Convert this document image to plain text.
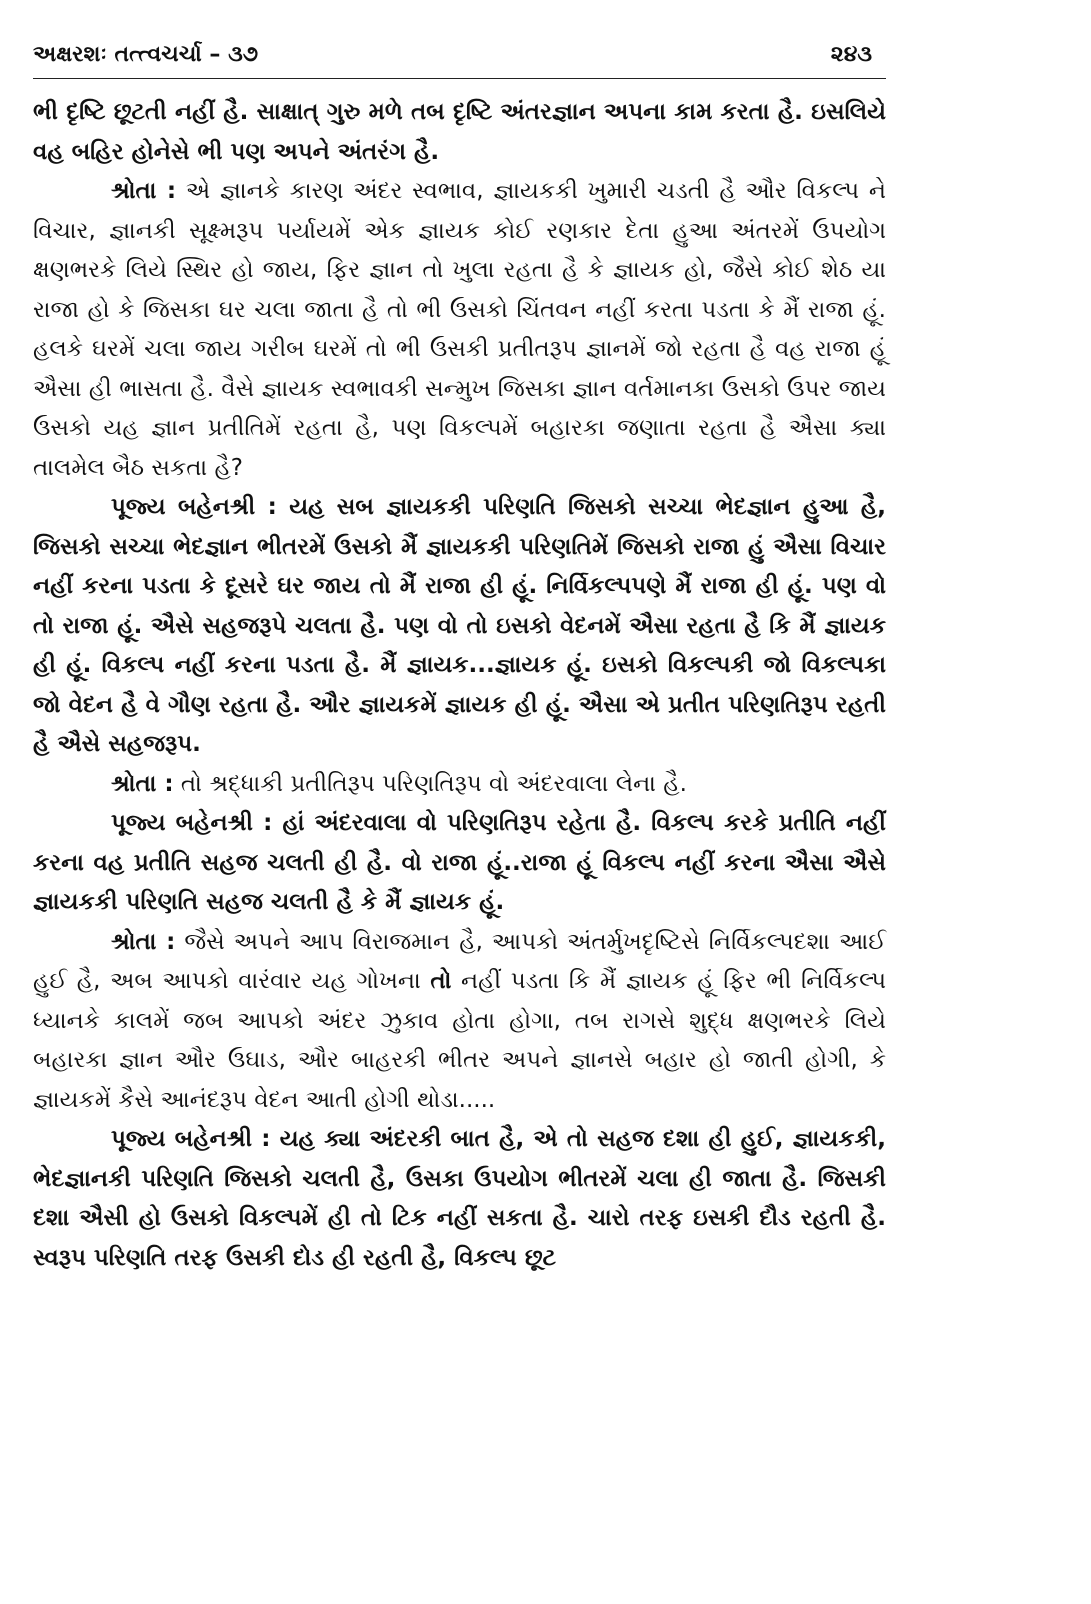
અક્ષરશઃ તત્ત્વચર્ચા – ૩૭	૨૪૩

ભી દૃષ્ટિ છૂટતી નહીં હૈ. સાક્ષાત્ ગુરુ મળે તબ દૃષ્ટિ અંતરજ્ઞાન અપના કામ કરતા હૈ. ઇસલિયે વહ બહિર હોનેસે ભી પણ અપને અંતરંગ હૈ.

શ્રોતા : એ જ્ઞાનકે કારણ અંદર સ્વભાવ, જ્ઞાયકકી ખુમારી ચડતી હૈ ઔર વિકલ્પ ને વિચાર, જ્ઞાનકી સૂક્ષ્મરૂપ પર્યાયમેં એક જ્ઞાયક કોઈ રણકાર દેતા હુઆ અંતરમેં ઉપયોગ ક્ષણભરકે લિયે સ્થિર હો જાય, ફિર જ્ઞાન તો ખુલા રહતા હૈ કે જ્ઞાયક હો, જૈસે કોઈ શેઠ યા રાજા હો કે જિસકા ઘર ચલા જાતા હૈ તો ભી ઉસકો ચિંતવન નહીં કરતા પડતા કે મૈં રાજા હૂં. હલકે ઘરમેં ચલા જાય ગરીબ ઘરમેં તો ભી ઉસકી પ્રતીતરૂપ જ્ઞાનમેં જો રહતા હૈ વહ રાજા હૂં ઐસા હી ભાસતા હૈ. વૈસે જ્ઞાયક સ્વભાવકી સન્મુખ જિસકા જ્ઞાન વર્તમાનકા ઉસકો ઉપર જાય ઉસકો યહ જ્ઞાન પ્રતીતિમેં રહતા હૈ, પણ વિકલ્પમેં બહારકા જણાતા રહતા હૈ ઐસા ક્યા તાલમેલ બૈઠ સકતા હૈ?

પૂજ્ય બહેનશ્રી : યહ સબ જ્ઞાયકકી પરિણતિ જિસકો સચ્ચા ભેદજ્ઞાન હુઆ હૈ, જિસકો સચ્ચા ભેદજ્ઞાન ભીતરમેં ઉસકો મૈં જ્ઞાયકકી પરિણતિમેં જિસકો રાજા હું ઐસા વિચાર નહીં કરના પડતા કે દૂસરે ઘર જાય તો મૈં રાજા હી હૂં. નિર્વિકલ્પપણે મૈં રાજા હી હૂં. પણ વો તો રાજા હૂં. ઐસે સહજરૂપે ચલતા હૈ. પણ વો તો ઇસકો વેદનમેં ઐસા રહતા હૈ કિ મૈં જ્ઞાયક હી હૂં. વિકલ્પ નહીં કરના પડતા હૈ. મૈં જ્ઞાયક...જ્ઞાયક હૂં. ઇસકો વિકલ્પકી જો વિકલ્પકા જો વેદન હૈ વે ગૌણ રહતા હૈ. ઔર જ્ઞાયકમેં જ્ઞાયક હી હૂં. ઐસા એ પ્રતીત પરિણતિરૂપ રહતી હૈ ઐસે સહજરૂપ.

શ્રોતા : તો શ્રદ્ધાકી પ્રતીતિરૂપ પરિણતિરૂપ વો અંદરવાલા લેના હૈ.

પૂજ્ય બહેનશ્રી : હાં અંદરવાલા વો પરિણતિરૂપ રહેતા હૈ. વિકલ્પ કરકે પ્રતીતિ નહીં કરના વહ પ્રતીતિ સહજ ચલતી હી હૈ. વો રાજા હૂં..રાજા હૂં વિકલ્પ નહીં કરના ઐસા ઐસે જ્ઞાયકકી પરિણતિ સહજ ચલતી હૈ કે મૈં જ્ઞાયક હૂં.

શ્રોતા : જૈસે અપને આપ વિરાજમાન હૈ, આપકો અંતર્મુખદૃષ્ટિસે નિર્વિકલ્પદશા આઈ હુઈ હૈ, અબ આપકો વારંવાર યહ ગોખના તો નહીં પડતા કિ મૈં જ્ઞાયક હૂં ફિર ભી નિર્વિકલ્પ ધ્યાનકે કાલમેં જબ આપકો અંદર ઝુકાવ હોતા હોગા, તબ રાગસે શુદ્ધ ક્ષણભરકે લિયે બહારકા જ્ઞાન ઔર ઉઘાડ, ઔર બાહરકી ભીતર અપને જ્ઞાનસે બહાર હો જાતી હોગી, કે જ્ઞાયકમેં કૈસે આનંદરૂપ વેદન આતી હોગી થોડા.....

પૂજ્ય બહેનશ્રી : યહ ક્યા અંદરકી બાત હૈ, એ તો સહજ દશા હી હુઈ, જ્ઞાયકકી, ભેદજ્ઞાનકી પરિણતિ જિસકો ચલતી હૈ, ઉસકા ઉપયોગ ભીતરમેં ચલા હી જાતા હૈ. જિસકી દશા ઐસી હો ઉસકો વિકલ્પમેં હી તો ટિક નહીં સકતા હૈ. ચારો તરફ ઇસકી દૌડ રહતી હૈ. સ્વરૂપ પરિણતિ તરફ ઉસકી દોડ હી રહતી હૈ, વિકલ્પ છૂટ
